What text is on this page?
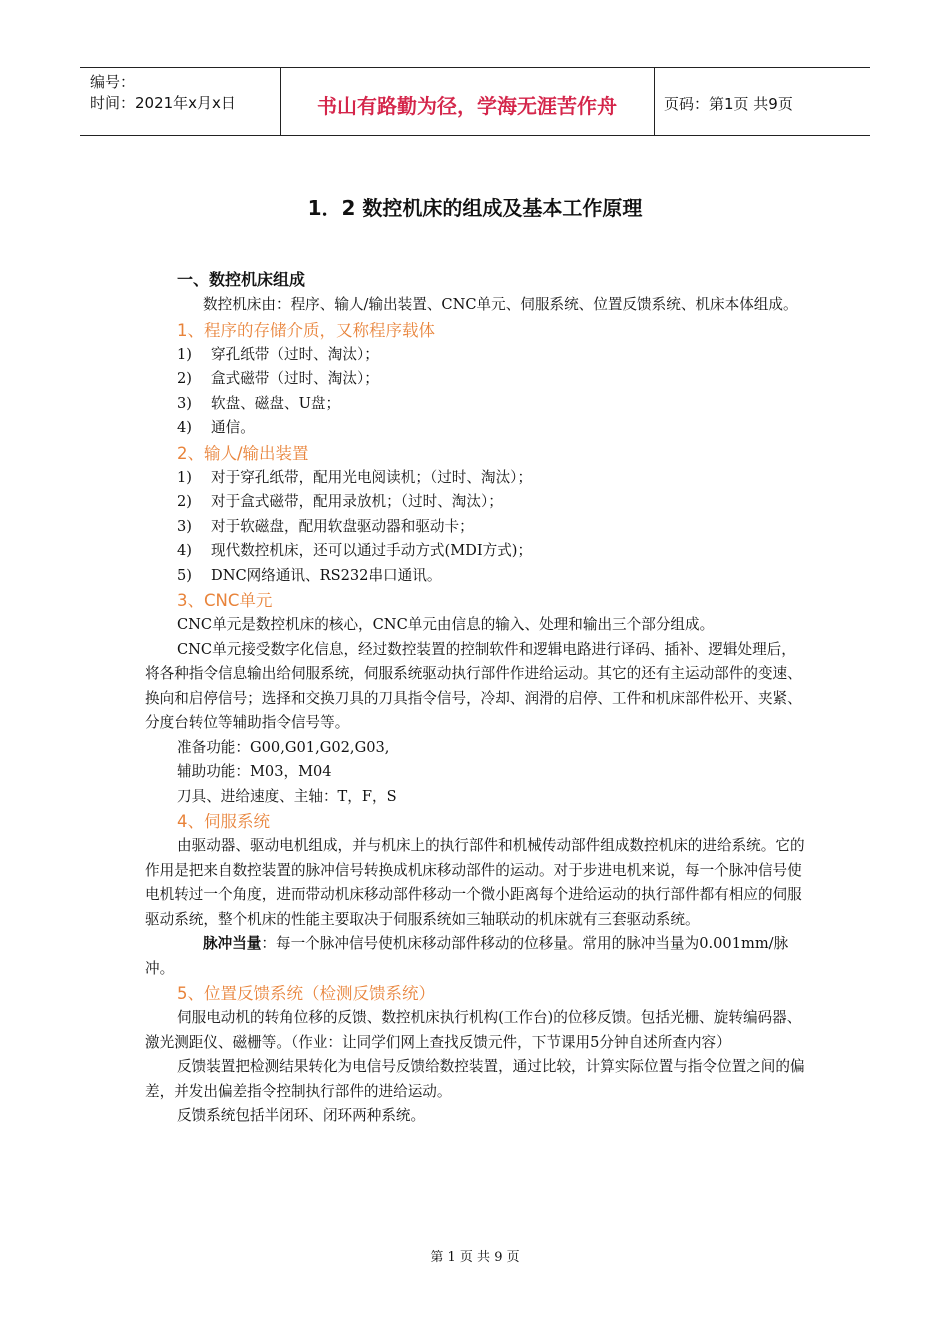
编号：
时间：2021年x月x日	书山有路勤为径，学海无涯苦作舟	页码：第1页 共9页
1．2 数控机床的组成及基本工作原理

一、数控机床组成

数控机床由：程序、输人/输出装置、CNC单元、伺服系统、位置反馈系统、机床本体组成。

1、程序的存储介质，又称程序载体

1) 穿孔纸带（过时、淘汰）；

2) 盒式磁带（过时、淘汰）；

3) 软盘、磁盘、U盘；

4) 通信。

2、输人/输出装置

1) 对于穿孔纸带，配用光电阅读机；（过时、淘汰）；

2) 对于盒式磁带，配用录放机；（过时、淘汰）；

3) 对于软磁盘，配用软盘驱动器和驱动卡；

4) 现代数控机床，还可以通过手动方式(MDI方式)；

5) DNC网络通讯、RS232串口通讯。

3、CNC单元

CNC单元是数控机床的核心，CNC单元由信息的输入、处理和输出三个部分组成。

CNC单元接受数字化信息，经过数控装置的控制软件和逻辑电路进行译码、插补、逻辑处理后，将各种指令信息输出给伺服系统，伺服系统驱动执行部件作进给运动。其它的还有主运动部件的变速、换向和启停信号；选择和交换刀具的刀具指令信号，冷却、润滑的启停、工件和机床部件松开、夹紧、分度台转位等辅助指令信号等。

准备功能：G00,G01,G02,G03,

辅助功能：M03，M04

刀具、进给速度、主轴：T，F，S

4、伺服系统

由驱动器、驱动电机组成，并与机床上的执行部件和机械传动部件组成数控机床的进给系统。它的作用是把来自数控装置的脉冲信号转换成机床移动部件的运动。对于步进电机来说，每一个脉冲信号使电机转过一个角度，进而带动机床移动部件移动一个微小距离每个进给运动的执行部件都有相应的伺服驱动系统，整个机床的性能主要取决于伺服系统如三轴联动的机床就有三套驱动系统。

脉冲当量：每一个脉冲信号使机床移动部件移动的位移量。常用的脉冲当量为0.001mm/脉冲。

5、位置反馈系统（检测反馈系统）

伺服电动机的转角位移的反馈、数控机床执行机构(工作台)的位移反馈。包括光栅、旋转编码器、激光测距仪、磁栅等。（作业：让同学们网上查找反馈元件，下节课用5分钟自述所查内容）

反馈装置把检测结果转化为电信号反馈给数控装置，通过比较，计算实际位置与指令位置之间的偏差，并发出偏差指令控制执行部件的进给运动。

反馈系统包括半闭环、闭环两种系统。

第 1 页 共 9 页
